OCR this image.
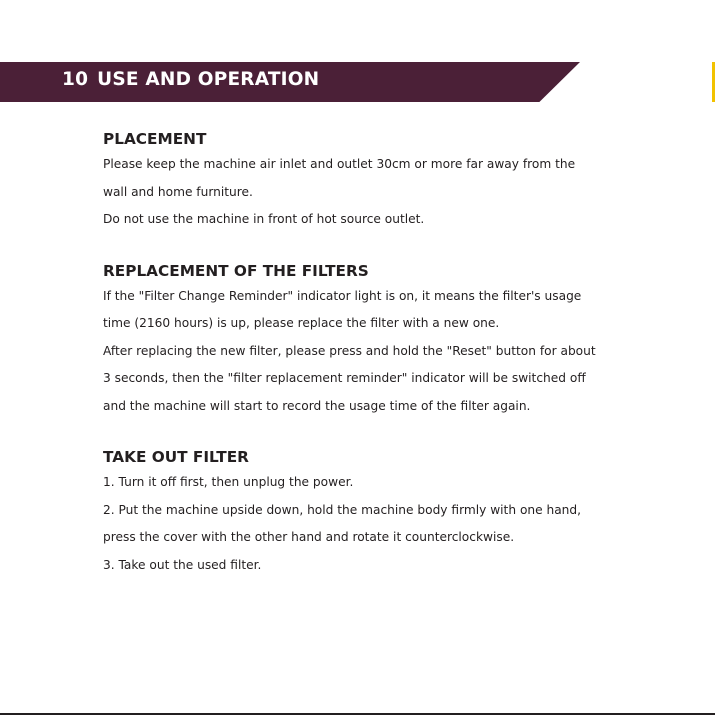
10 USE AND OPERATION
PLACEMENT

Please keep the machine air inlet and outlet 30cm or more far away from the

wall and home furniture.

Do not use the machine in front of hot source outlet.

REPLACEMENT OF THE FILTERS

If the "Filter Change Reminder" indicator light is on, it means the filter's usage

time (2160 hours) is up, please replace the filter with a new one.

After replacing the new filter, please press and hold the "Reset" button for about

3 seconds, then the "filter replacement reminder" indicator will be switched off

and the machine will start to record the usage time of the filter again.

TAKE OUT FILTER

1. Turn it off first, then unplug the power.

2. Put the machine upside down, hold the machine body firmly with one hand,

press the cover with the other hand and rotate it counterclockwise.

3. Take out the used filter.
